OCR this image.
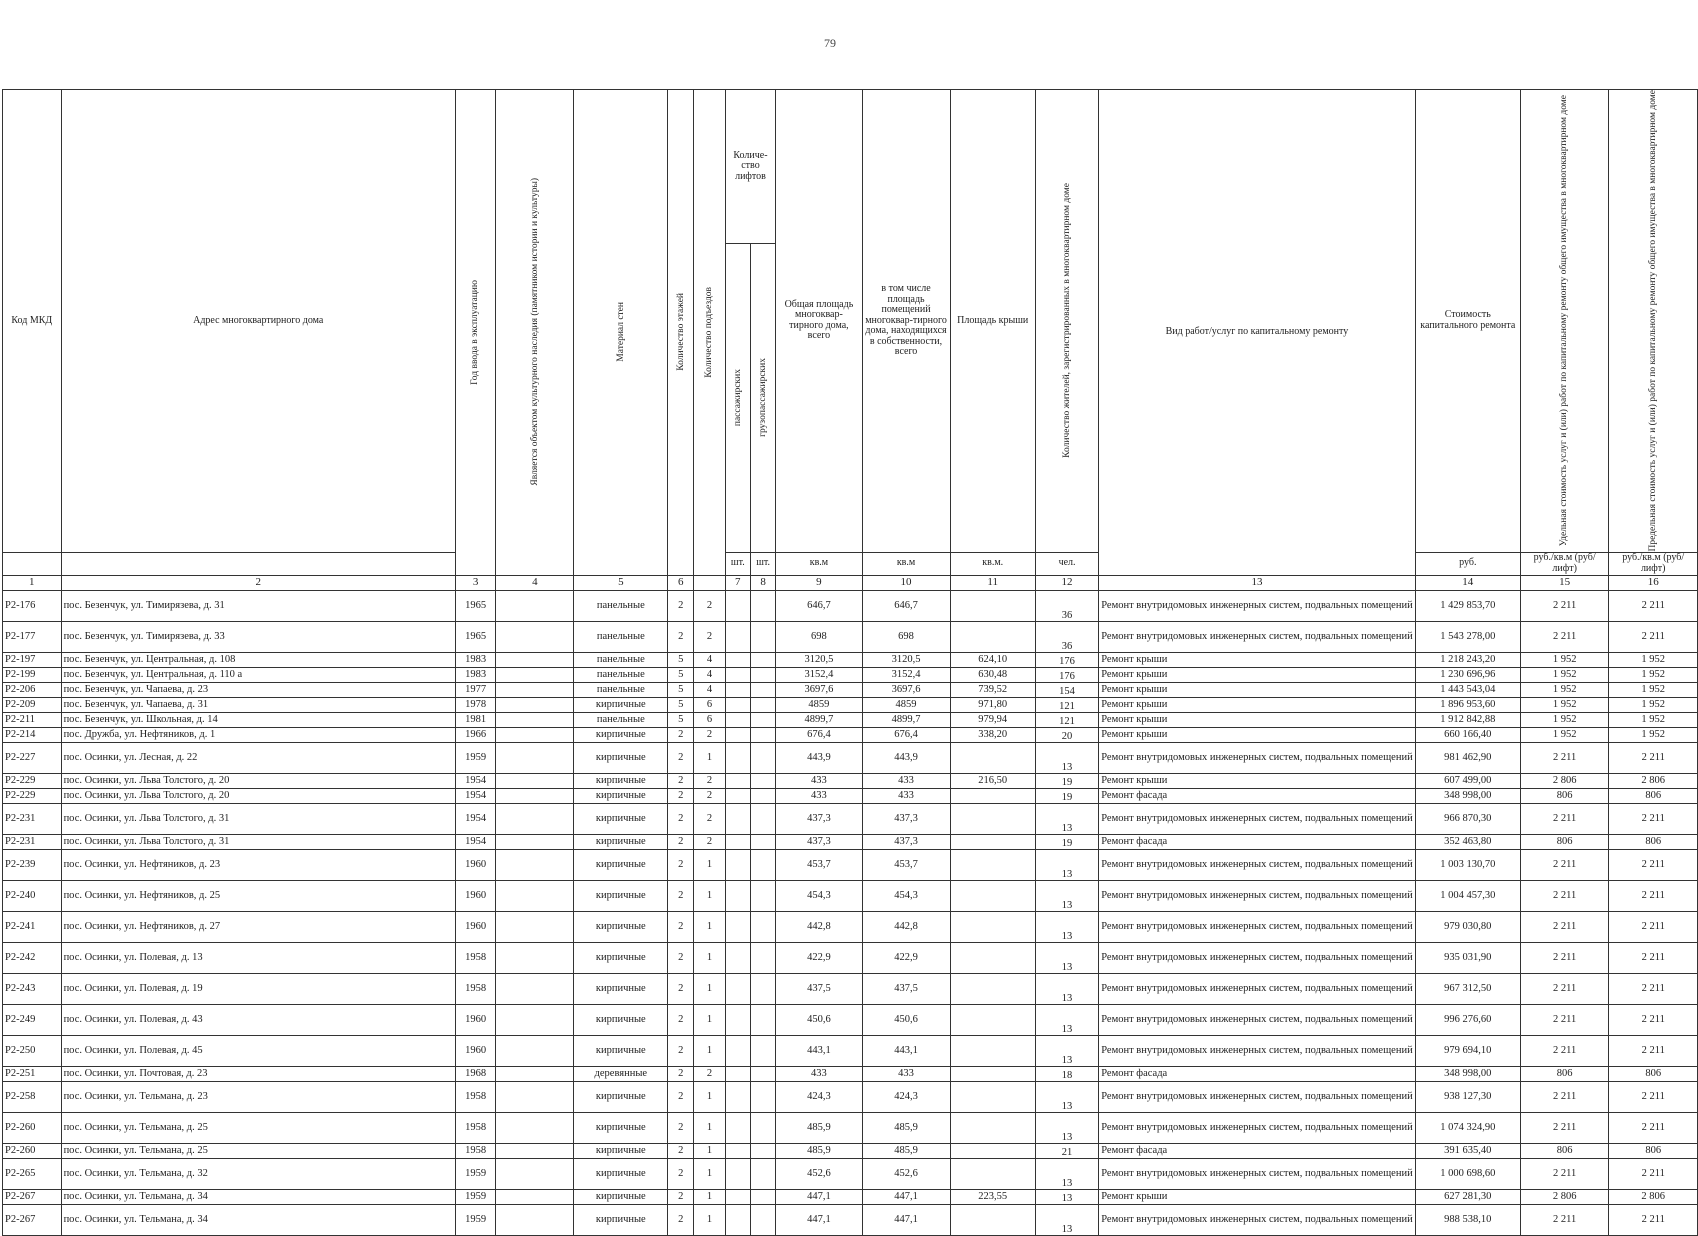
79
Код МКД	Адрес многоквартирного дома	Год ввода в эксплуатацию	Является объектом культурного наследия (памятником истории и культуры)	Материал стен	Количество этажей	Количество подъездов	Количе-ство лифтов		Общая площадь многоквар-тирного дома, всего	в том числе площадь помещений многоквар-тирного дома, находящихся в собственности, всего	Площадь крыши	Количество жителей, зарегистрированных в многоквартирном доме	Вид работ/услуг по капитальному ремонту	Стоимость капитального ремонта	Удельная стоимость услуг и (или) работ по капитальному ремонту общего имущества в многоквартирном доме	Предельная стоимость услуг и (или) работ по капитальному ремонту общего имущества в многоквартирном доме

							пассажирских	грузопассажирских								

							шт.	шт.	кв.м	кв.м	кв.м.	чел.		руб.	руб./кв.м (руб/лифт)	руб./кв.м (руб/лифт)
1	2	3	4	5	6		7	8	9	10	11	12	13	14	15	16
Р2-176	пос. Безенчук, ул. Тимирязева, д. 31	1965		панельные	2	2			646,7	646,7		36	Ремонт внутридомовых инженерных систем, подвальных помещений	1 429 853,70	2 211	2 211
Р2-177	пос. Безенчук, ул. Тимирязева, д. 33	1965		панельные	2	2			698	698		36	Ремонт внутридомовых инженерных систем, подвальных помещений	1 543 278,00	2 211	2 211
Р2-197	пос. Безенчук, ул. Центральная, д. 108	1983		панельные	5	4			3120,5	3120,5	624,10	176	Ремонт крыши	1 218 243,20	1 952	1 952
Р2-199	пос. Безенчук, ул. Центральная, д. 110 а	1983		панельные	5	4			3152,4	3152,4	630,48	176	Ремонт крыши	1 230 696,96	1 952	1 952
Р2-206	пос. Безенчук, ул. Чапаева, д. 23	1977		панельные	5	4			3697,6	3697,6	739,52	154	Ремонт крыши	1 443 543,04	1 952	1 952
Р2-209	пос. Безенчук, ул. Чапаева, д. 31	1978		кирпичные	5	6			4859	4859	971,80	121	Ремонт крыши	1 896 953,60	1 952	1 952
Р2-211	пос. Безенчук, ул. Школьная, д. 14	1981		панельные	5	6			4899,7	4899,7	979,94	121	Ремонт крыши	1 912 842,88	1 952	1 952
Р2-214	пос. Дружба, ул. Нефтяников, д. 1	1966		кирпичные	2	2			676,4	676,4	338,20	20	Ремонт крыши	660 166,40	1 952	1 952
Р2-227	пос. Осинки, ул. Лесная, д. 22	1959		кирпичные	2	1			443,9	443,9		13	Ремонт внутридомовых инженерных систем, подвальных помещений	981 462,90	2 211	2 211
Р2-229	пос. Осинки, ул. Льва Толстого, д. 20	1954		кирпичные	2	2			433	433	216,50	19	Ремонт крыши	607 499,00	2 806	2 806
Р2-229	пос. Осинки, ул. Льва Толстого, д. 20	1954		кирпичные	2	2			433	433		19	Ремонт фасада	348 998,00	806	806
Р2-231	пос. Осинки, ул. Льва Толстого, д. 31	1954		кирпичные	2	2			437,3	437,3		13	Ремонт внутридомовых инженерных систем, подвальных помещений	966 870,30	2 211	2 211
Р2-231	пос. Осинки, ул. Льва Толстого, д. 31	1954		кирпичные	2	2			437,3	437,3		19	Ремонт фасада	352 463,80	806	806
Р2-239	пос. Осинки, ул. Нефтяников, д. 23	1960		кирпичные	2	1			453,7	453,7		13	Ремонт внутридомовых инженерных систем, подвальных помещений	1 003 130,70	2 211	2 211
Р2-240	пос. Осинки, ул. Нефтяников, д. 25	1960		кирпичные	2	1			454,3	454,3		13	Ремонт внутридомовых инженерных систем, подвальных помещений	1 004 457,30	2 211	2 211
Р2-241	пос. Осинки, ул. Нефтяников, д. 27	1960		кирпичные	2	1			442,8	442,8		13	Ремонт внутридомовых инженерных систем, подвальных помещений	979 030,80	2 211	2 211
Р2-242	пос. Осинки, ул. Полевая, д. 13	1958		кирпичные	2	1			422,9	422,9		13	Ремонт внутридомовых инженерных систем, подвальных помещений	935 031,90	2 211	2 211
Р2-243	пос. Осинки, ул. Полевая, д. 19	1958		кирпичные	2	1			437,5	437,5		13	Ремонт внутридомовых инженерных систем, подвальных помещений	967 312,50	2 211	2 211
Р2-249	пос. Осинки, ул. Полевая, д. 43	1960		кирпичные	2	1			450,6	450,6		13	Ремонт внутридомовых инженерных систем, подвальных помещений	996 276,60	2 211	2 211
Р2-250	пос. Осинки, ул. Полевая, д. 45	1960		кирпичные	2	1			443,1	443,1		13	Ремонт внутридомовых инженерных систем, подвальных помещений	979 694,10	2 211	2 211
Р2-251	пос. Осинки, ул. Почтовая, д. 23	1968		деревянные	2	2			433	433		18	Ремонт фасада	348 998,00	806	806
Р2-258	пос. Осинки, ул. Тельмана, д. 23	1958		кирпичные	2	1			424,3	424,3		13	Ремонт внутридомовых инженерных систем, подвальных помещений	938 127,30	2 211	2 211
Р2-260	пос. Осинки, ул. Тельмана, д. 25	1958		кирпичные	2	1			485,9	485,9		13	Ремонт внутридомовых инженерных систем, подвальных помещений	1 074 324,90	2 211	2 211
Р2-260	пос. Осинки, ул. Тельмана, д. 25	1958		кирпичные	2	1			485,9	485,9		21	Ремонт фасада	391 635,40	806	806
Р2-265	пос. Осинки, ул. Тельмана, д. 32	1959		кирпичные	2	1			452,6	452,6		13	Ремонт внутридомовых инженерных систем, подвальных помещений	1 000 698,60	2 211	2 211
Р2-267	пос. Осинки, ул. Тельмана, д. 34	1959		кирпичные	2	1			447,1	447,1	223,55	13	Ремонт крыши	627 281,30	2 806	2 806
Р2-267	пос. Осинки, ул. Тельмана, д. 34	1959		кирпичные	2	1			447,1	447,1		13	Ремонт внутридомовых инженерных систем, подвальных помещений	988 538,10	2 211	2 211
